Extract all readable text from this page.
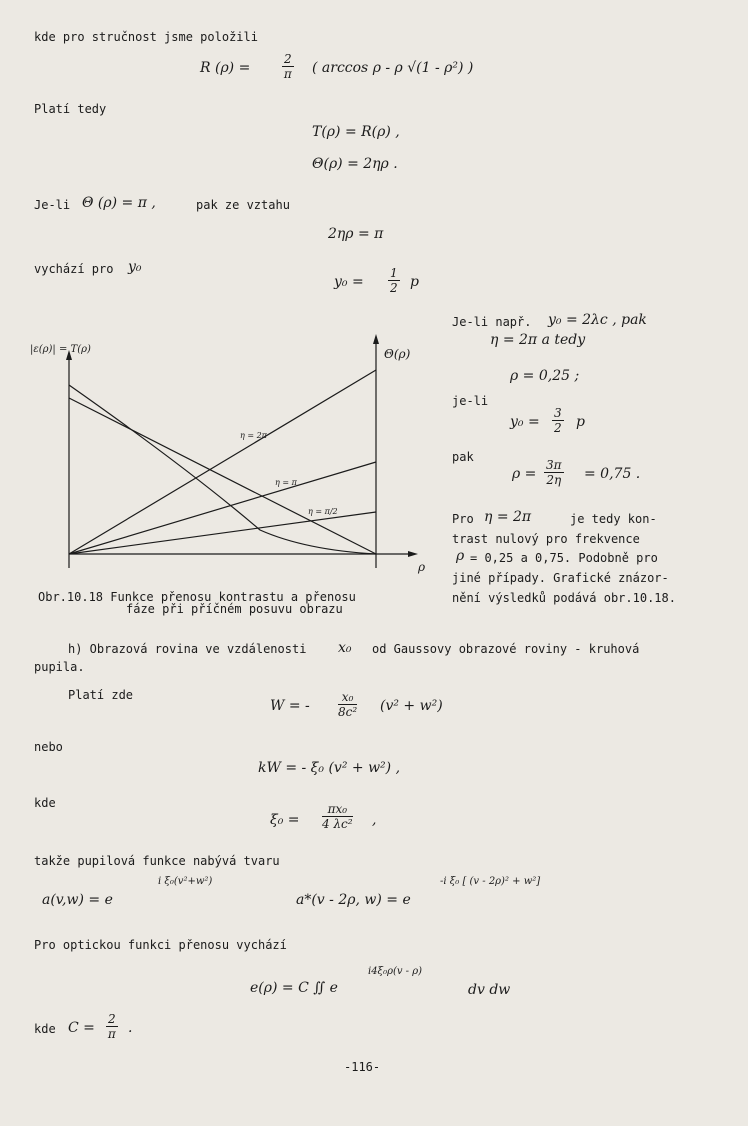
kde pro stručnost jsme položili
R (ρ) =	$\frac{2}{\pi}$ ( arccos ρ - ρ √(1 - ρ²) )
Platí tedy
T(ρ) = R(ρ) ,
Θ(ρ) = 2ηρ .
Je-li Θ (ρ) = π ,	pak ze vztahu
2ηρ = π
vychází pro y₀
$y_0 = \frac{1}{2}$ p
|ε(ρ)| = T(ρ)	Θ(ρ)
ρ
η = 2π
η = π
η = π/2
Obr.10.18 Funkce přenosu kontrastu a přenosu
fáze při příčném posuvu obrazu
Je-li např. y₀ = 2λc , pak
η = 2π a tedy
ρ = 0,25 ;
je-li
$y_0 = \frac{3}{2}$ p
pak
$\rho = \frac{3\pi}{2\eta} = 0,75$ .
Pro η = 2π	je tedy kon-
trast nulový pro frekvence
ρ = 0,25 a 0,75. Podobně pro
jiné případy. Grafické znázor-
nění výsledků podává obr.10.18.
h) Obrazová rovina ve vzdálenosti x₀ od Gaussovy obrazové roviny - kruhová
pupila.
Platí zde
W = - $\frac{\text{x₀}}{\text{8c²}} (v^2 + w^2)$
nebo
kW = - ξ₀ (v² + w²) ,
kde
$\xi_0 = \frac{\text{πx₀}}{\text{4 λc²}}$ ,
takže pupilová funkce nabývá tvaru
a(v,w) = e
i ξ₀(v²+w²)
a*(v - 2ρ, w) = e
-i ξ₀ [ (v - 2ρ)² + w²]
Pro optickou funkci přenosu vychází
e(ρ) = C ∬ e
i4ξ₀ρ(v - ρ)
dv dw
kde $C = \frac{2}{\pi}$ .
-116-
